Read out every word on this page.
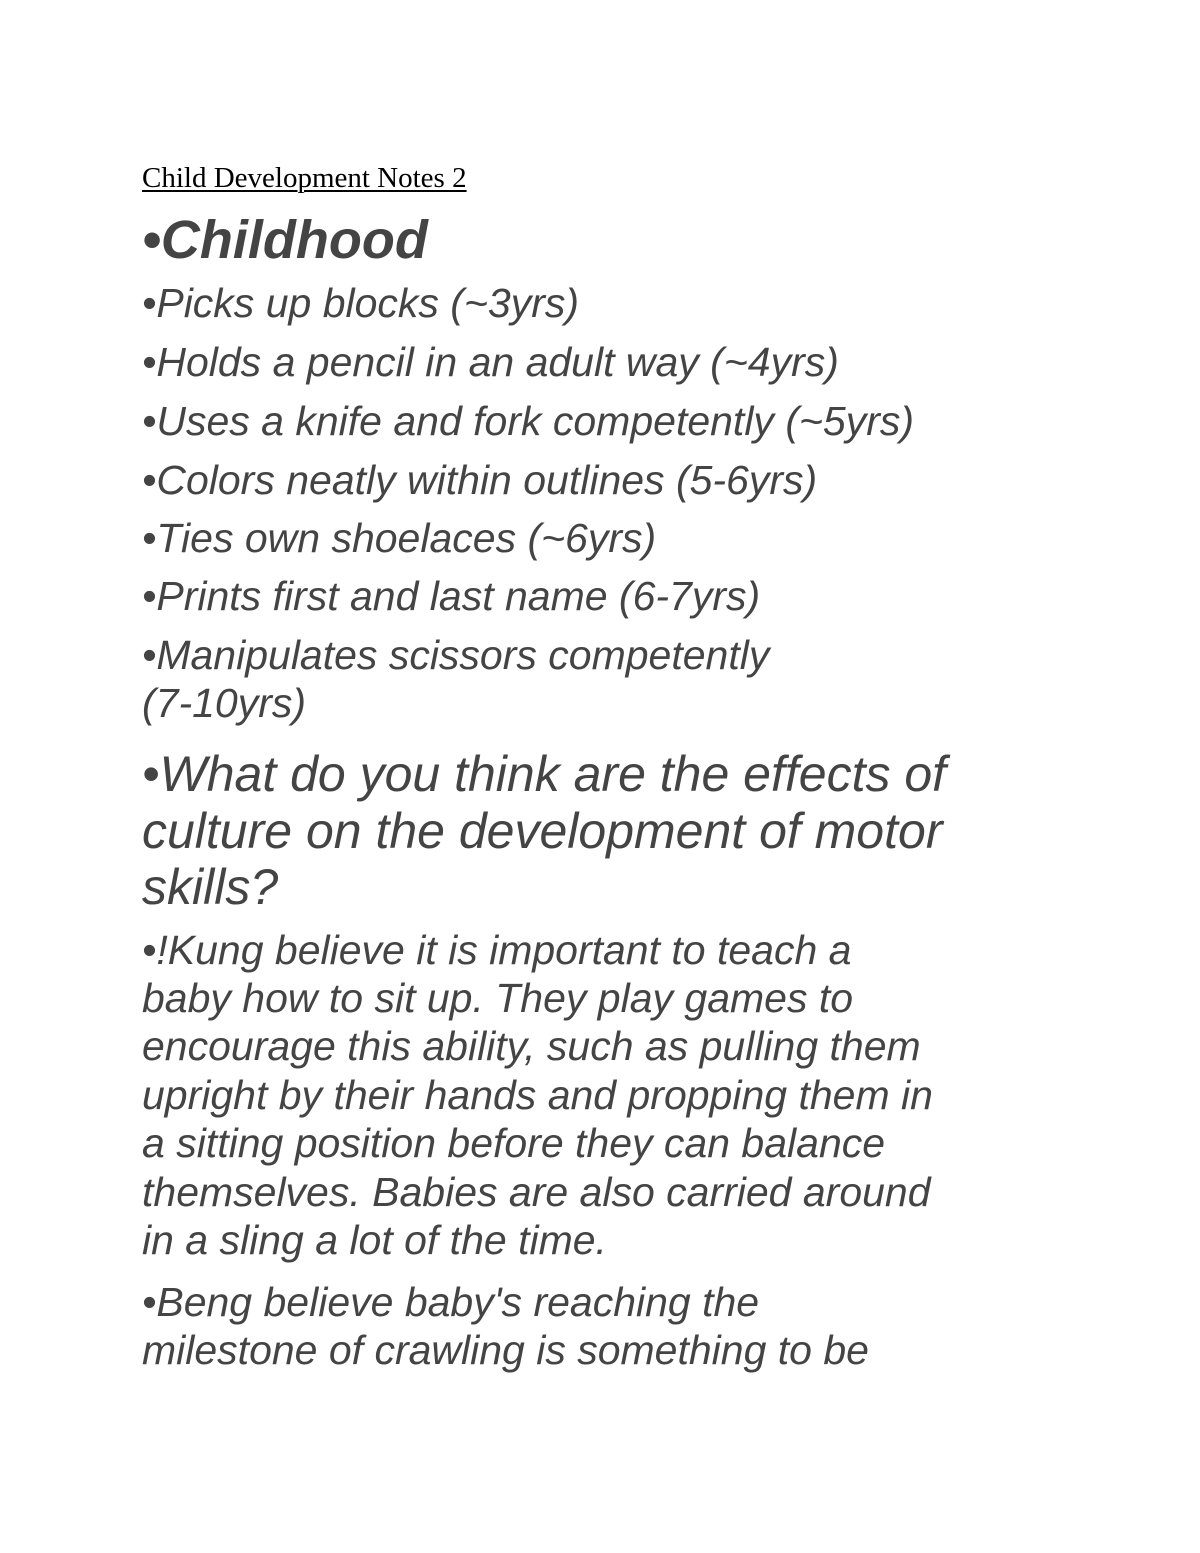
Child Development Notes 2

•Childhood

•Picks up blocks (~3yrs)

•Holds a pencil in an adult way (~4yrs)

•Uses a knife and fork competently (~5yrs)

•Colors neatly within outlines (5-6yrs)

•Ties own shoelaces (~6yrs)

•Prints first and last name (6-7yrs)

•Manipulates scissors competently

(7-10yrs)

•What do you think are the effects of

culture on the development of motor

skills?

•!Kung believe it is important to teach a

baby how to sit up. They play games to

encourage this ability, such as pulling them

upright by their hands and propping them in

a sitting position before they can balance

themselves. Babies are also carried around

in a sling a lot of the time.

•Beng believe baby's reaching the

milestone of crawling is something to be
